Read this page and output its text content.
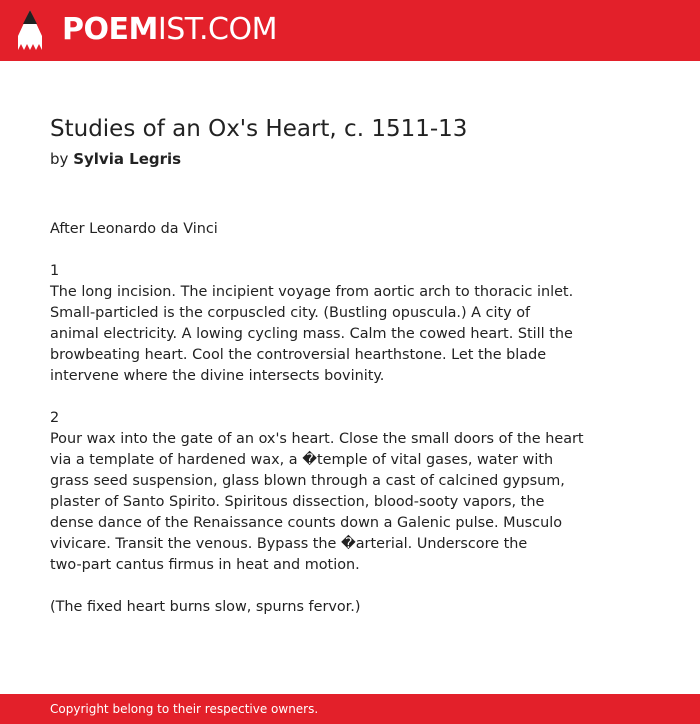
POEMIST.COM
Studies of an Ox's Heart, c. 1511-13
by Sylvia Legris
After Leonardo da Vinci
1
The long incision. The incipient voyage from aortic arch to thoracic inlet.
Small-particled is the corpuscled city. (Bustling opuscula.) A city of
animal electricity. A lowing cycling mass. Calm the cowed heart. Still the
browbeating heart. Cool the controversial hearthstone. Let the blade
intervene where the divine intersects bovinity.
2
Pour wax into the gate of an ox's heart. Close the small doors of the heart
via a template of hardened wax, a �temple of vital gases, water with
grass seed suspension, glass blown through a cast of calcined gypsum,
plaster of Santo Spirito. Spiritous dissection, blood-sooty vapors, the
dense dance of the Renaissance counts down a Galenic pulse. Musculo
vivicare. Transit the venous. Bypass the �arterial. Underscore the
two-part cantus firmus in heat and motion.
(The fixed heart burns slow, spurns fervor.)
Copyright belong to their respective owners.
